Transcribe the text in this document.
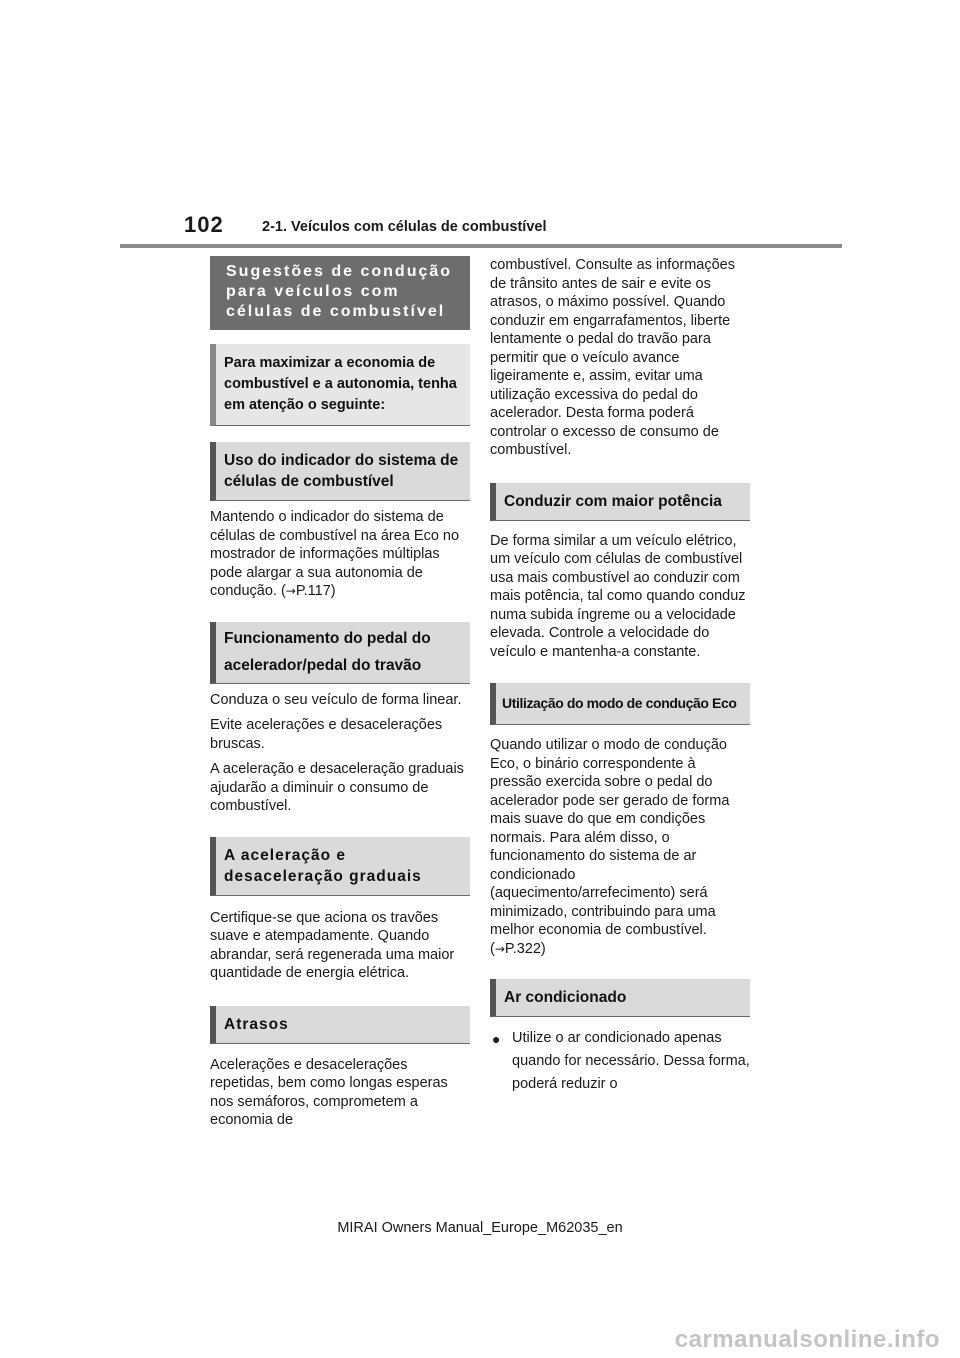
102	2-1. Veículos com células de combustível
Sugestões de condução para veículos com células de combustível
Para maximizar a economia de combustível e a autonomia, tenha em atenção o seguinte:
Uso do indicador do sistema de células de combustível

Mantendo o indicador do sistema de células de combustível na área Eco no mostrador de informações múltiplas pode alargar a sua autonomia de condução. (→P.117)

Funcionamento do pedal do acelerador/pedal do travão

Conduza o seu veículo de forma linear.

Evite acelerações e desacelerações bruscas.

A aceleração e desaceleração graduais ajudarão a diminuir o consumo de combustível.

A aceleração e desaceleração graduais

Certifique-se que aciona os travões suave e atempadamente. Quando abrandar, será regenerada uma maior quantidade de energia elétrica.

Atrasos

Acelerações e desacelerações repetidas, bem como longas esperas nos semáforos, comprometem a economia de

combustível. Consulte as informações de trânsito antes de sair e evite os atrasos, o máximo possível. Quando conduzir em engarrafamentos, liberte lentamente o pedal do travão para permitir que o veículo avance ligeiramente e, assim, evitar uma utilização excessiva do pedal do acelerador. Desta forma poderá controlar o excesso de consumo de combustível.

Conduzir com maior potência

De forma similar a um veículo elétrico, um veículo com células de combustível usa mais combustível ao conduzir com mais potência, tal como quando conduz numa subida íngreme ou a velocidade elevada. Controle a velocidade do veículo e mantenha-a constante.

Utilização do modo de condução Eco

Quando utilizar o modo de condução Eco, o binário correspondente à pressão exercida sobre o pedal do acelerador pode ser gerado de forma mais suave do que em condições normais. Para além disso, o funcionamento do sistema de ar condicionado (aquecimento/arrefecimento) será minimizado, contribuindo para uma melhor economia de combustível.

(→P.322)

Ar condicionado
● Utilize o ar condicionado apenas quando for necessário. Dessa forma, poderá reduzir o
MIRAI Owners Manual_Europe_M62035_en
carmanualsonline.info
